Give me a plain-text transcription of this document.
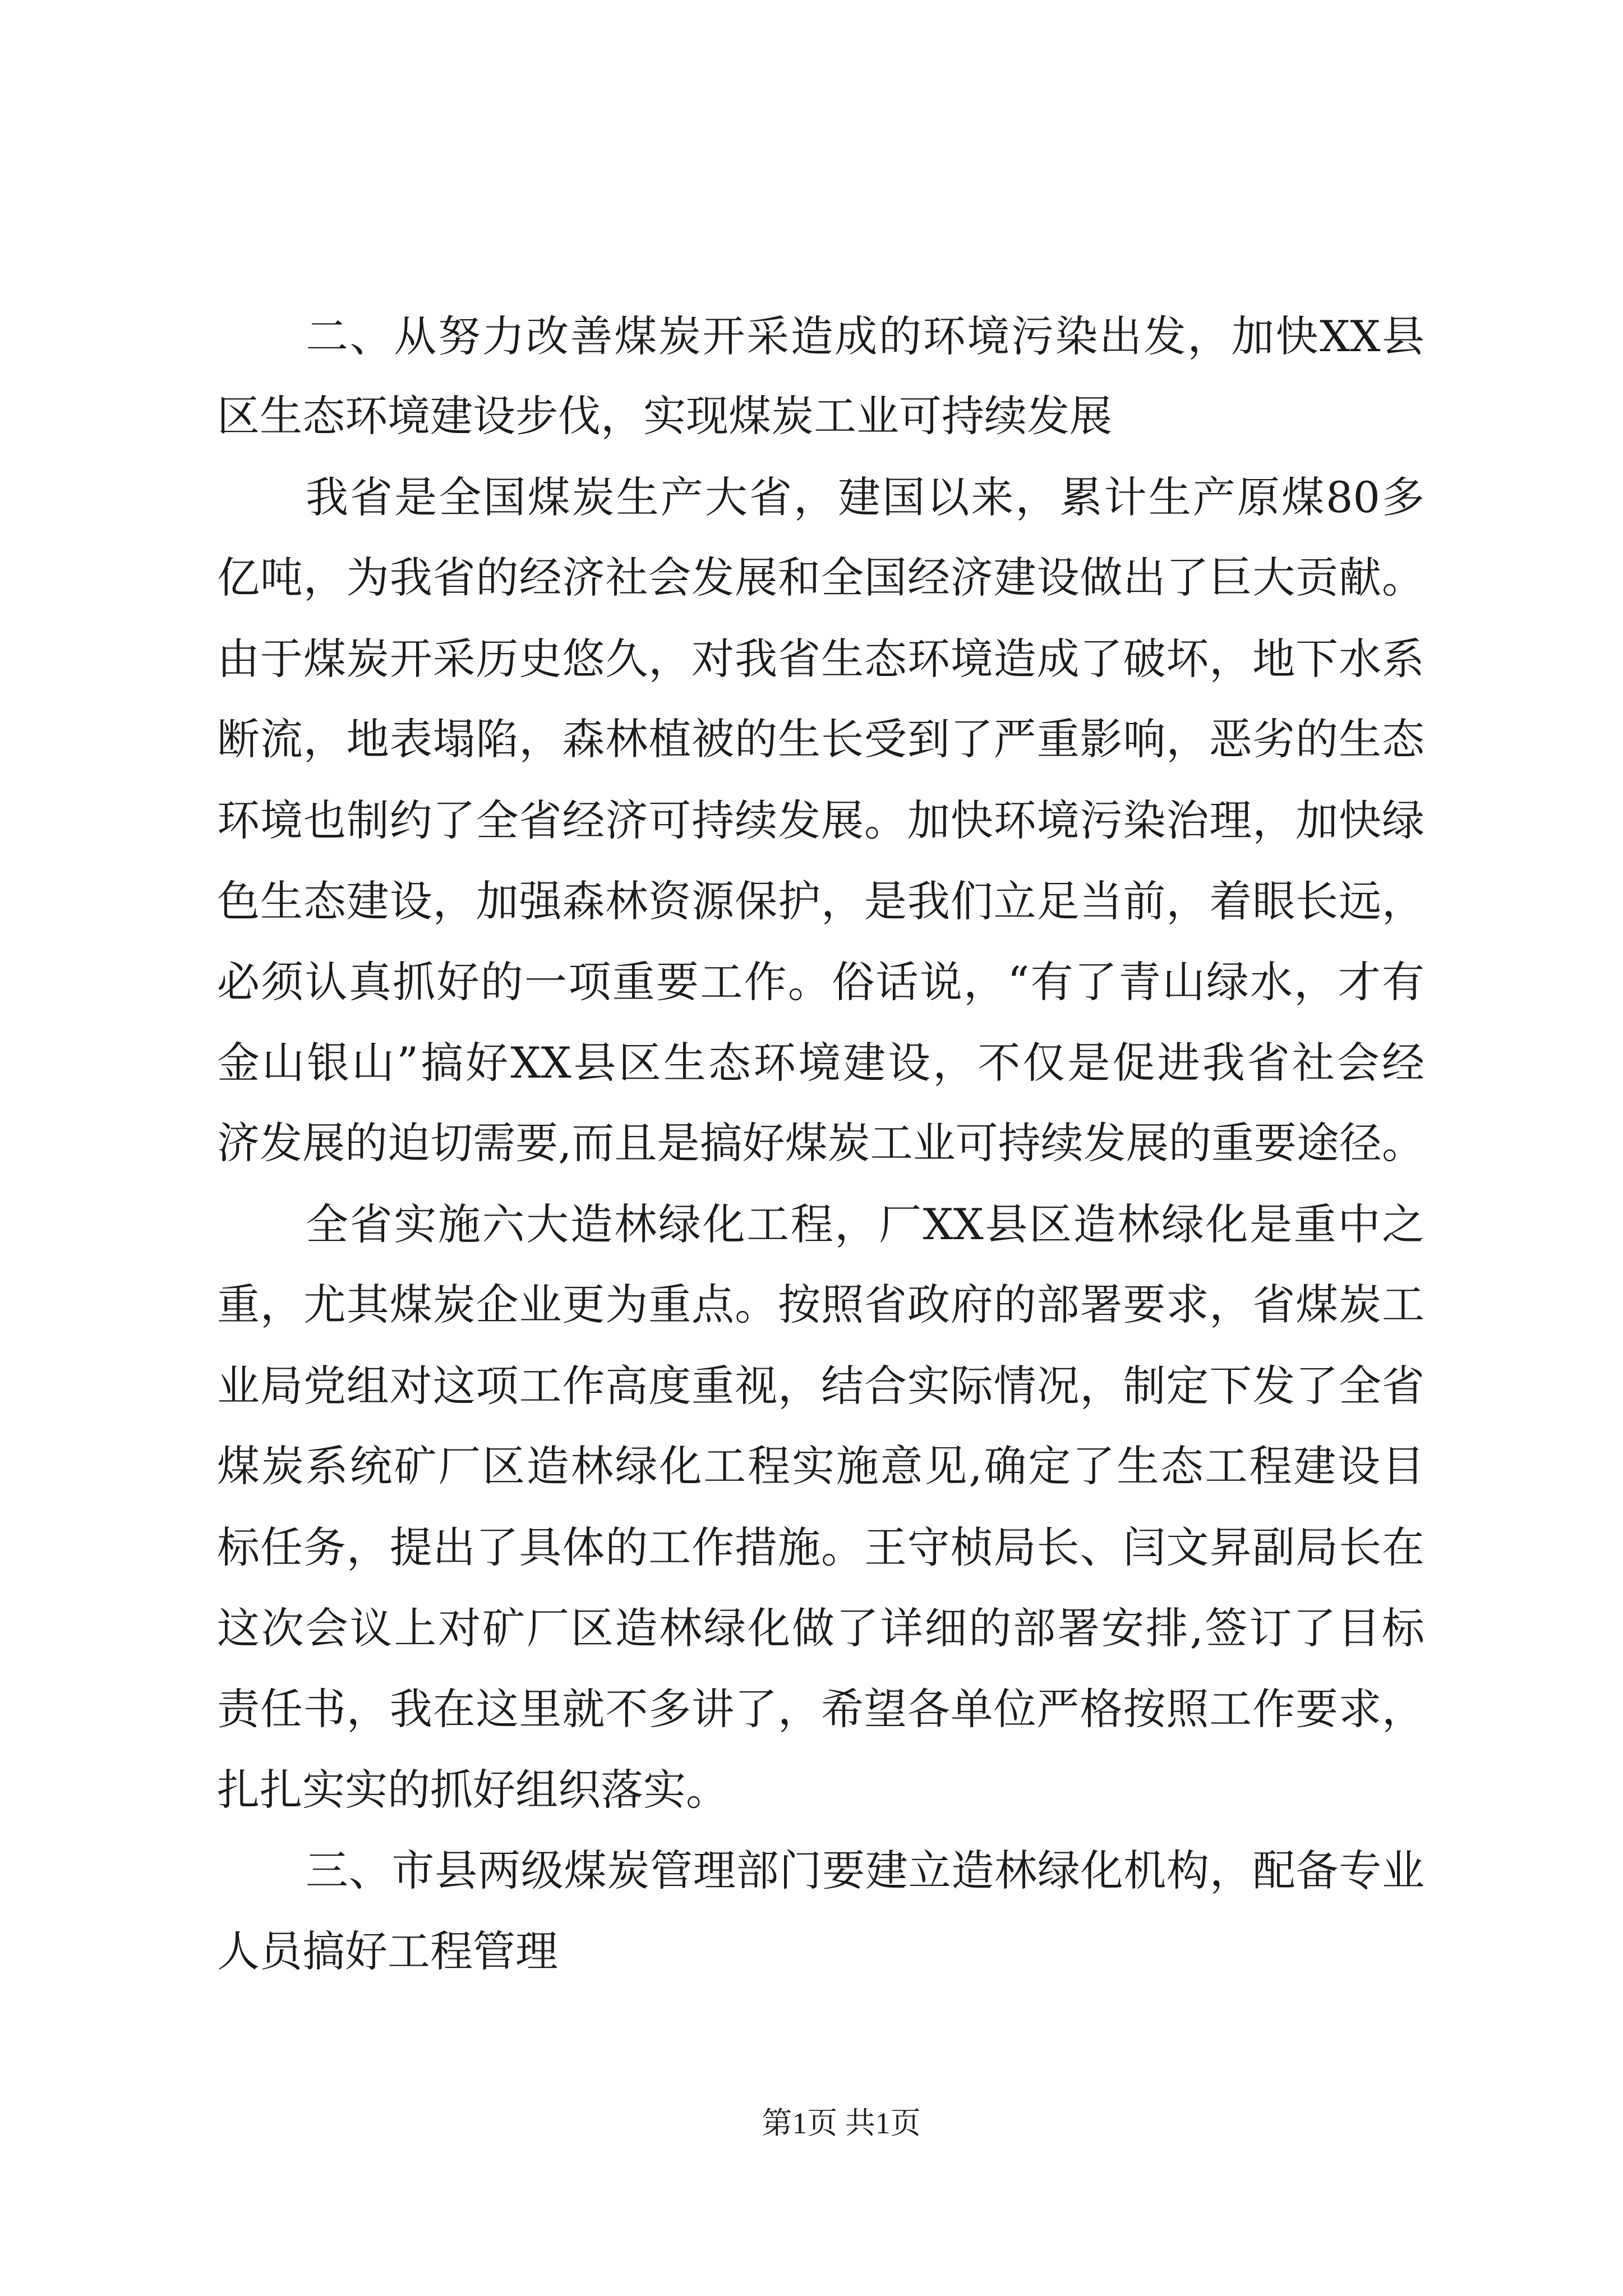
二、从努力改善煤炭开采造成的环境污染出发，加快XX县
区生态环境建设步伐，实现煤炭工业可持续发展
我省是全国煤炭生产大省，建国以来，累计生产原煤80多
亿吨，为我省的经济社会发展和全国经济建设做出了巨大贡献。
由于煤炭开采历史悠久，对我省生态环境造成了破坏，地下水系
断流，地表塌陷，森林植被的生长受到了严重影响，恶劣的生态
环境也制约了全省经济可持续发展。加快环境污染治理，加快绿
色生态建设，加强森林资源保护，是我们立足当前，着眼长远，
必须认真抓好的一项重要工作。俗话说，“有了青山绿水，才有
金山银山”搞好XX县区生态环境建设，不仅是促进我省社会经
济发展的迫切需要,而且是搞好煤炭工业可持续发展的重要途径。
全省实施六大造林绿化工程，厂XX县区造林绿化是重中之
重，尤其煤炭企业更为重点。按照省政府的部署要求，省煤炭工
业局党组对这项工作高度重视，结合实际情况，制定下发了全省
煤炭系统矿厂区造林绿化工程实施意见,确定了生态工程建设目
标任务，提出了具体的工作措施。王守桢局长、闫文昇副局长在
这次会议上对矿厂区造林绿化做了详细的部署安排,签订了目标
责任书，我在这里就不多讲了，希望各单位严格按照工作要求，
扎扎实实的抓好组织落实。
三、市县两级煤炭管理部门要建立造林绿化机构，配备专业
人员搞好工程管理
第1页 共1页
